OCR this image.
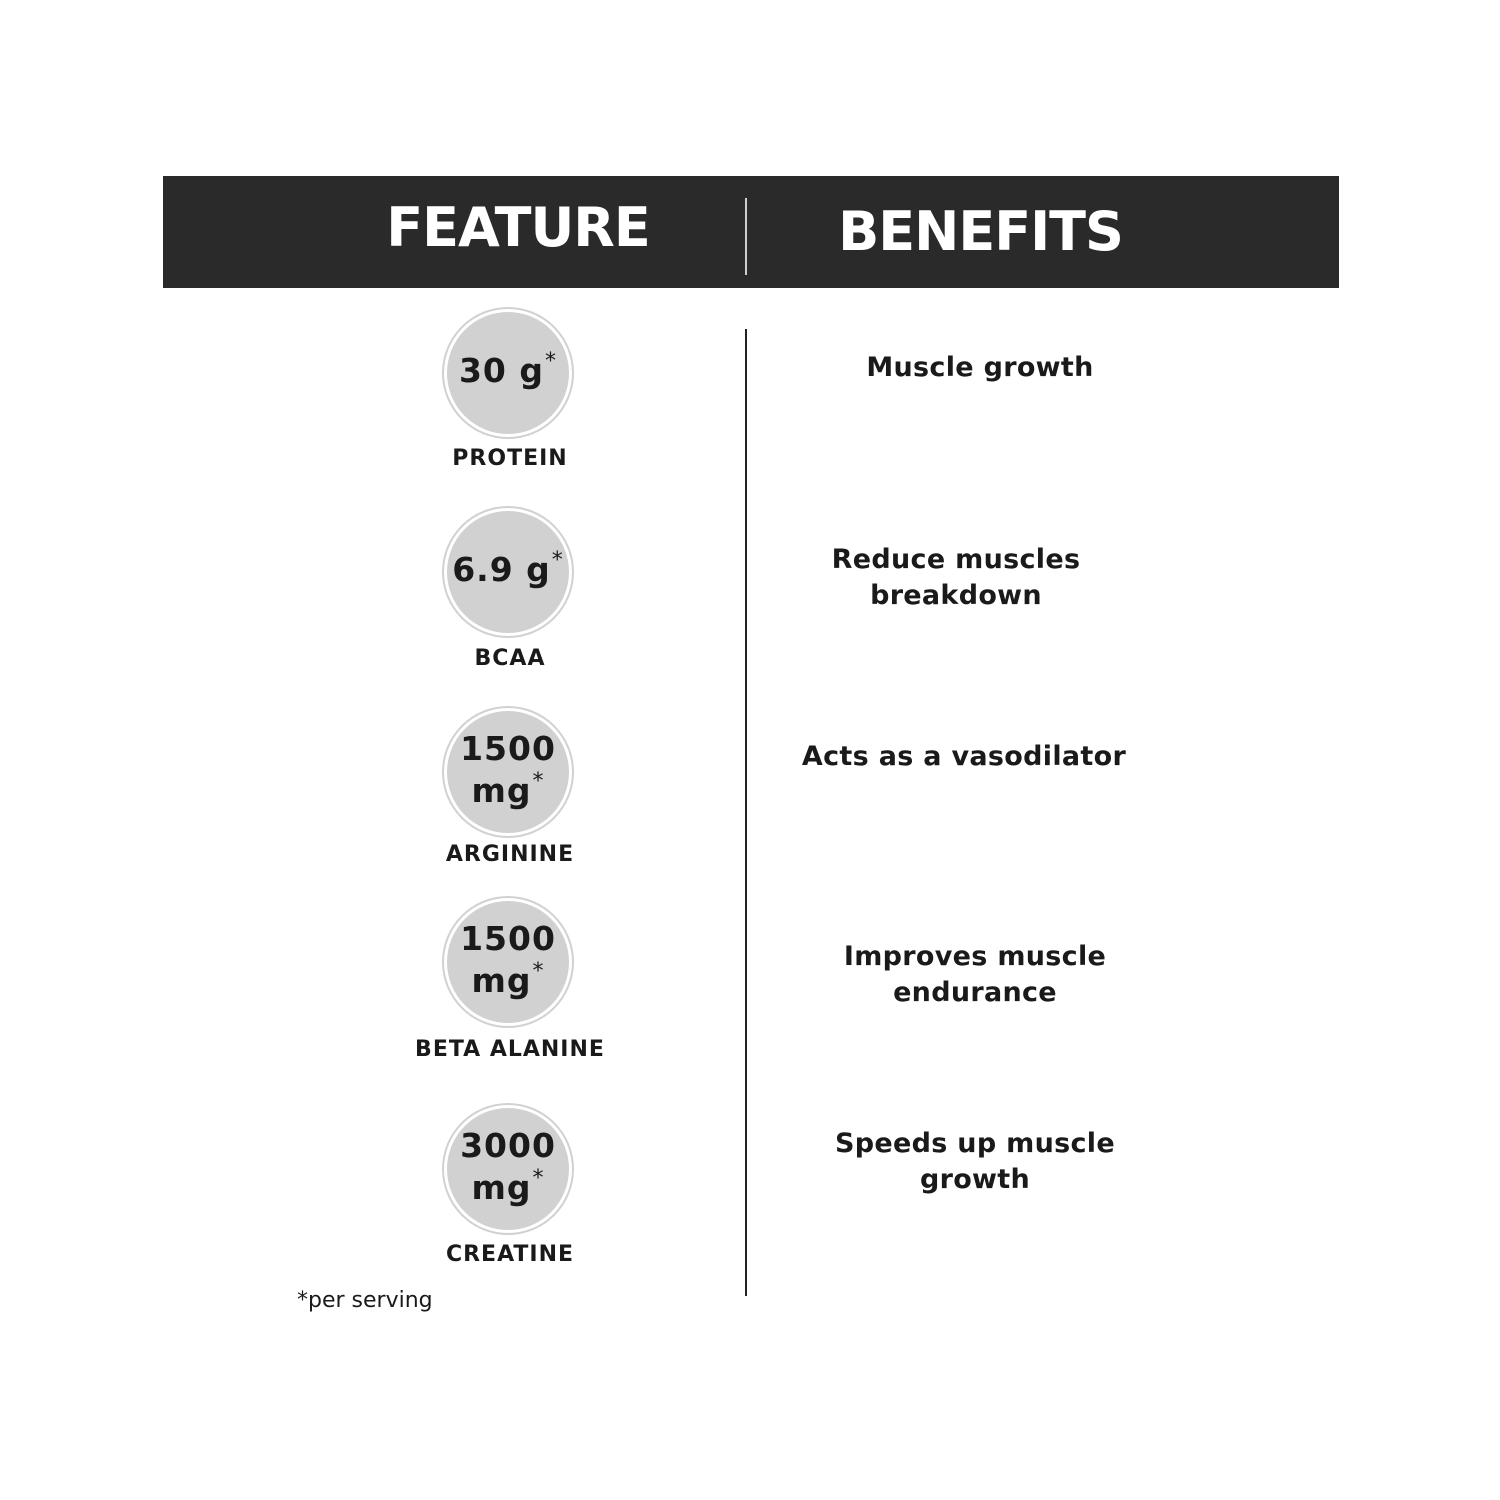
FEATURE	BENEFITS
30 g*
PROTEIN
Muscle growth
6.9 g*
BCAA
Reduce muscles breakdown
1500
mg*
ARGININE
Acts as a vasodilator
1500
mg*
BETA ALANINE
Improves muscle endurance
3000
mg*
CREATINE
Speeds up muscle growth
*per serving
